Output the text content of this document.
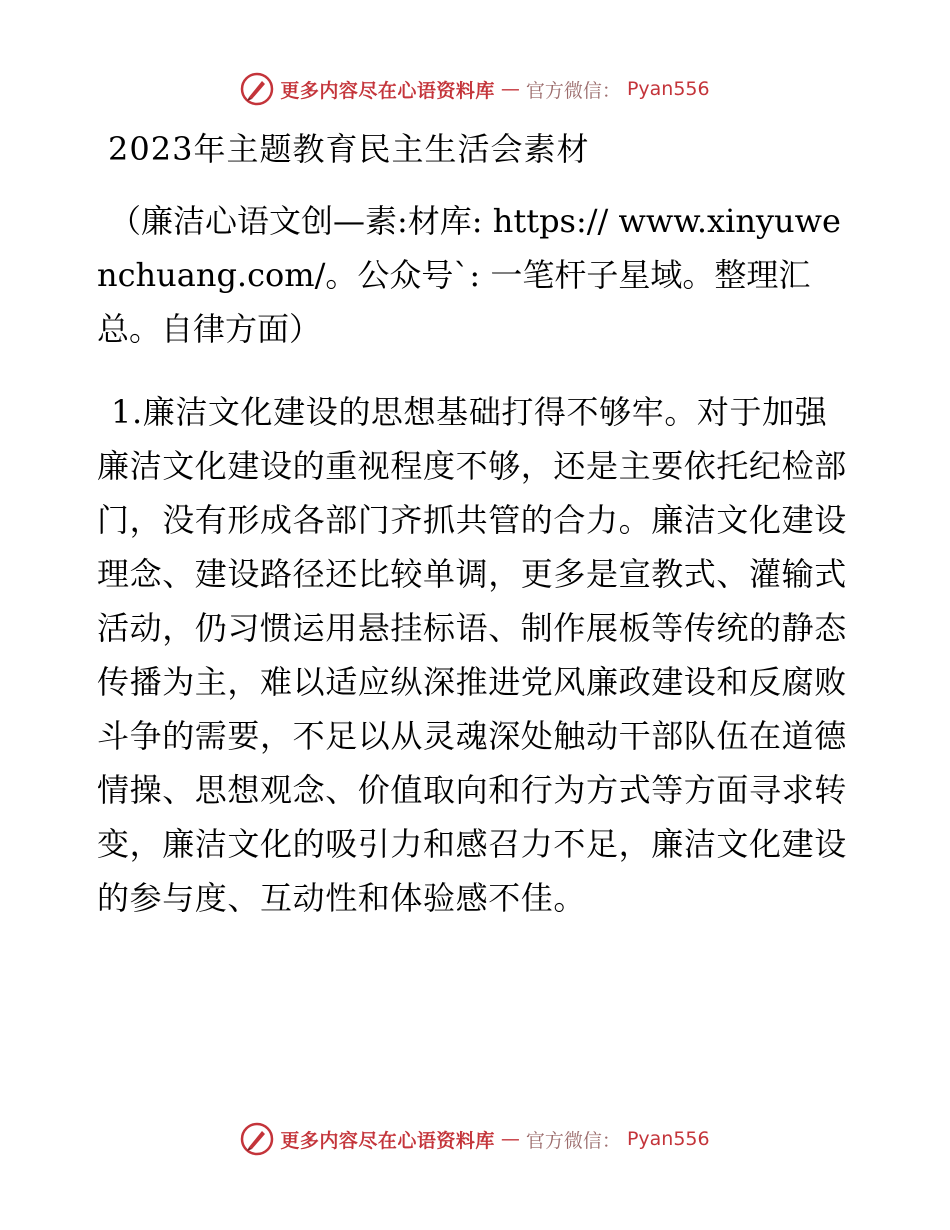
更多内容尽在心语资料库 — 官方微信： Pyan556
2023年主题教育民主生活会素材

（廉洁心语文创—素:材库: https:// www.xinyuwenchuang.com/。公众号`: 一笔杆子星域。整理汇总。自律方面）

1.廉洁文化建设的思想基础打得不够牢。对于加强廉洁文化建设的重视程度不够，还是主要依托纪检部门，没有形成各部门齐抓共管的合力。廉洁文化建设理念、建设路径还比较单调，更多是宣教式、灌输式活动，仍习惯运用悬挂标语、制作展板等传统的静态传播为主，难以适应纵深推进党风廉政建设和反腐败斗争的需要，不足以从灵魂深处触动干部队伍在道德情操、思想观念、价值取向和行为方式等方面寻求转变，廉洁文化的吸引力和感召力不足，廉洁文化建设的参与度、互动性和体验感不佳。

更多内容尽在心语资料库 — 官方微信： Pyan556
